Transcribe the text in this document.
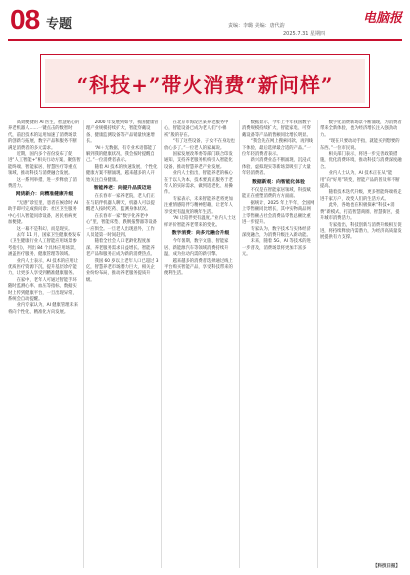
08 专题	责编：李璐 美编：唐代韵
2025.7.31 星期四
电脑报
“科技+”带火消费“新问样”

高效便捷的 AI 医生、智慧贴心的养老机器人……一键点击的数智时代，前沿技术的运用加速了消费场景的创新与拓展，数字产品和服务不断满足消费者的多元需求。

近期，国内多个省份发布了促进“人工智能+”相关行动方案，聚焦智能终端、智能家居、智慧医疗等重点领域，推动科技与消费融合发展。

这一系列举措，进一步释放了消费活力。

网货新介：向精准健康升级

“无感”诊室里，患者在候诊时 AI 助手即可完成预问诊；社区卫生服务中心引入智能问诊设备，居民看病更加便捷。

这一幕不是科幻，而是现实。

去年 11 月，国家卫生健康委发布《卫生健康行业人工智能应用场景参考指引》，列出 84 个具体应用场景，涵盖医疗服务、健康管理等领域。

业内人士表示，AI 技术的应用让优质医疗资源下沉，提升基层诊疗能力，让更多人享受到精准健康服务。

在家中，老年人可通过智能手环随时监测心率、血压等指标，数据实时上传到健康平台，一旦出现异常，系统会自动提醒。

业内专家认为，AI 健康管理未来将向个性化、精准化方向发展。

2000 年发展到如今，我国健康管理产业规模持续扩大，智能穿戴设备、健康监测设备等产品销量快速增长。

“AI＋无数据，有专业术语都能了解到我的健康状况，我会按时提醒自己。”一位消费者表示。

随着 AI 技术的快速发展，个性化健康方案不断涌现，越来越多的人开始关注自身健康。

智能养老：向提升品质迈进

在长春市一家养老院，老人们正在与陪伴机器人聊天，机器人可以提醒老人按时吃药、监测身体状况。

在长春市一家“数字化养老中心”里，智能床垫、跌倒报警器等设备一应俱全。一旦老人出现意外，工作人员能第一时间赶到。

随着全社会人口老龄化程度加深，养老服务需求日益增长。智能养老产品和服务正成为新的消费热点。

我国 60 岁以上老年人口已超过 3 亿，智慧养老市场潜力巨大，相关企业纷纷布局，推动养老服务提质升级。

在北京市海淀区某养老服务中心，智能设备已成为老人们“小棉袄”般的存在。

“有了这些设备，子女不在身边也放心多了。”一位老人的家属说。

国家发展改革委等部门联合印发通知，支持养老服务机构引入智能化设备，推动智慧养老产业发展。

业内人士指出，智能养老的核心在于以人为本，技术要真正服务于老年人的实际需求，做到适老化、易操作。

专家表示，未来智能养老将更加注重情感陪伴与精神慰藉，让老年人享受更有温度的晚年生活。

“AI 让陪伴更有温度。”业内人士这样评价智能养老带来的变化。

数字消费：向多元融合升级

今年暑期，数字文旅、智能家居、新能源汽车等领域消费持续升温，成为拉动内需的新引擎。

越来越多的消费者选择通过线上平台购买智能产品，享受科技带来的便利生活。

数据显示，今年上半年我国数字消费规模持续扩大，智能家电、可穿戴设备等产品销售额同比增长明显。

“我会先在网上搜索同款，再到线下体验，最后选择最合适的产品。”一位年轻消费者表示。

新兴消费业态不断涌现，沉浸式体验、虚拟现实等新场景吸引了大量年轻消费者。

数据新观：向智能化体验

不仅是在智能家居领域，科技赋能正在重塑消费的方方面面。

据统计，2025 年上半年，全国网上零售额同比增长，其中实物商品网上零售额占社会消费品零售总额比重进一步提升。

专家认为，数字技术与实体经济深度融合，为消费升级注入新动能。

未来，随着 5G、AI 等技术的进一步普及，消费场景将更加丰富多元。

数字化消费新场景不断涌现，为消费者带来全新体验，也为经济增长注入强劲动力。

“现在只要动动手指，就能买到想要的东西。”一位市民说。

相关部门表示，将进一步完善政策措施，优化消费环境，推动科技与消费深度融合。

业内人士认为，AI 技术正在从“能用”向“好用”转变，智能产品的普及率不断提高。

随着技术迭代升级，更多智能终端将走进千家万户，改变人们的生活方式。

此外，各地也在积极探索“科技+消费”新模式，打造智慧商圈、智慧街区，提升城市消费活力。

专家指出，科技创新与消费升级相互促进，将持续释放内需潜力，为经济高质量发展提供有力支撑。

【科技日报】
